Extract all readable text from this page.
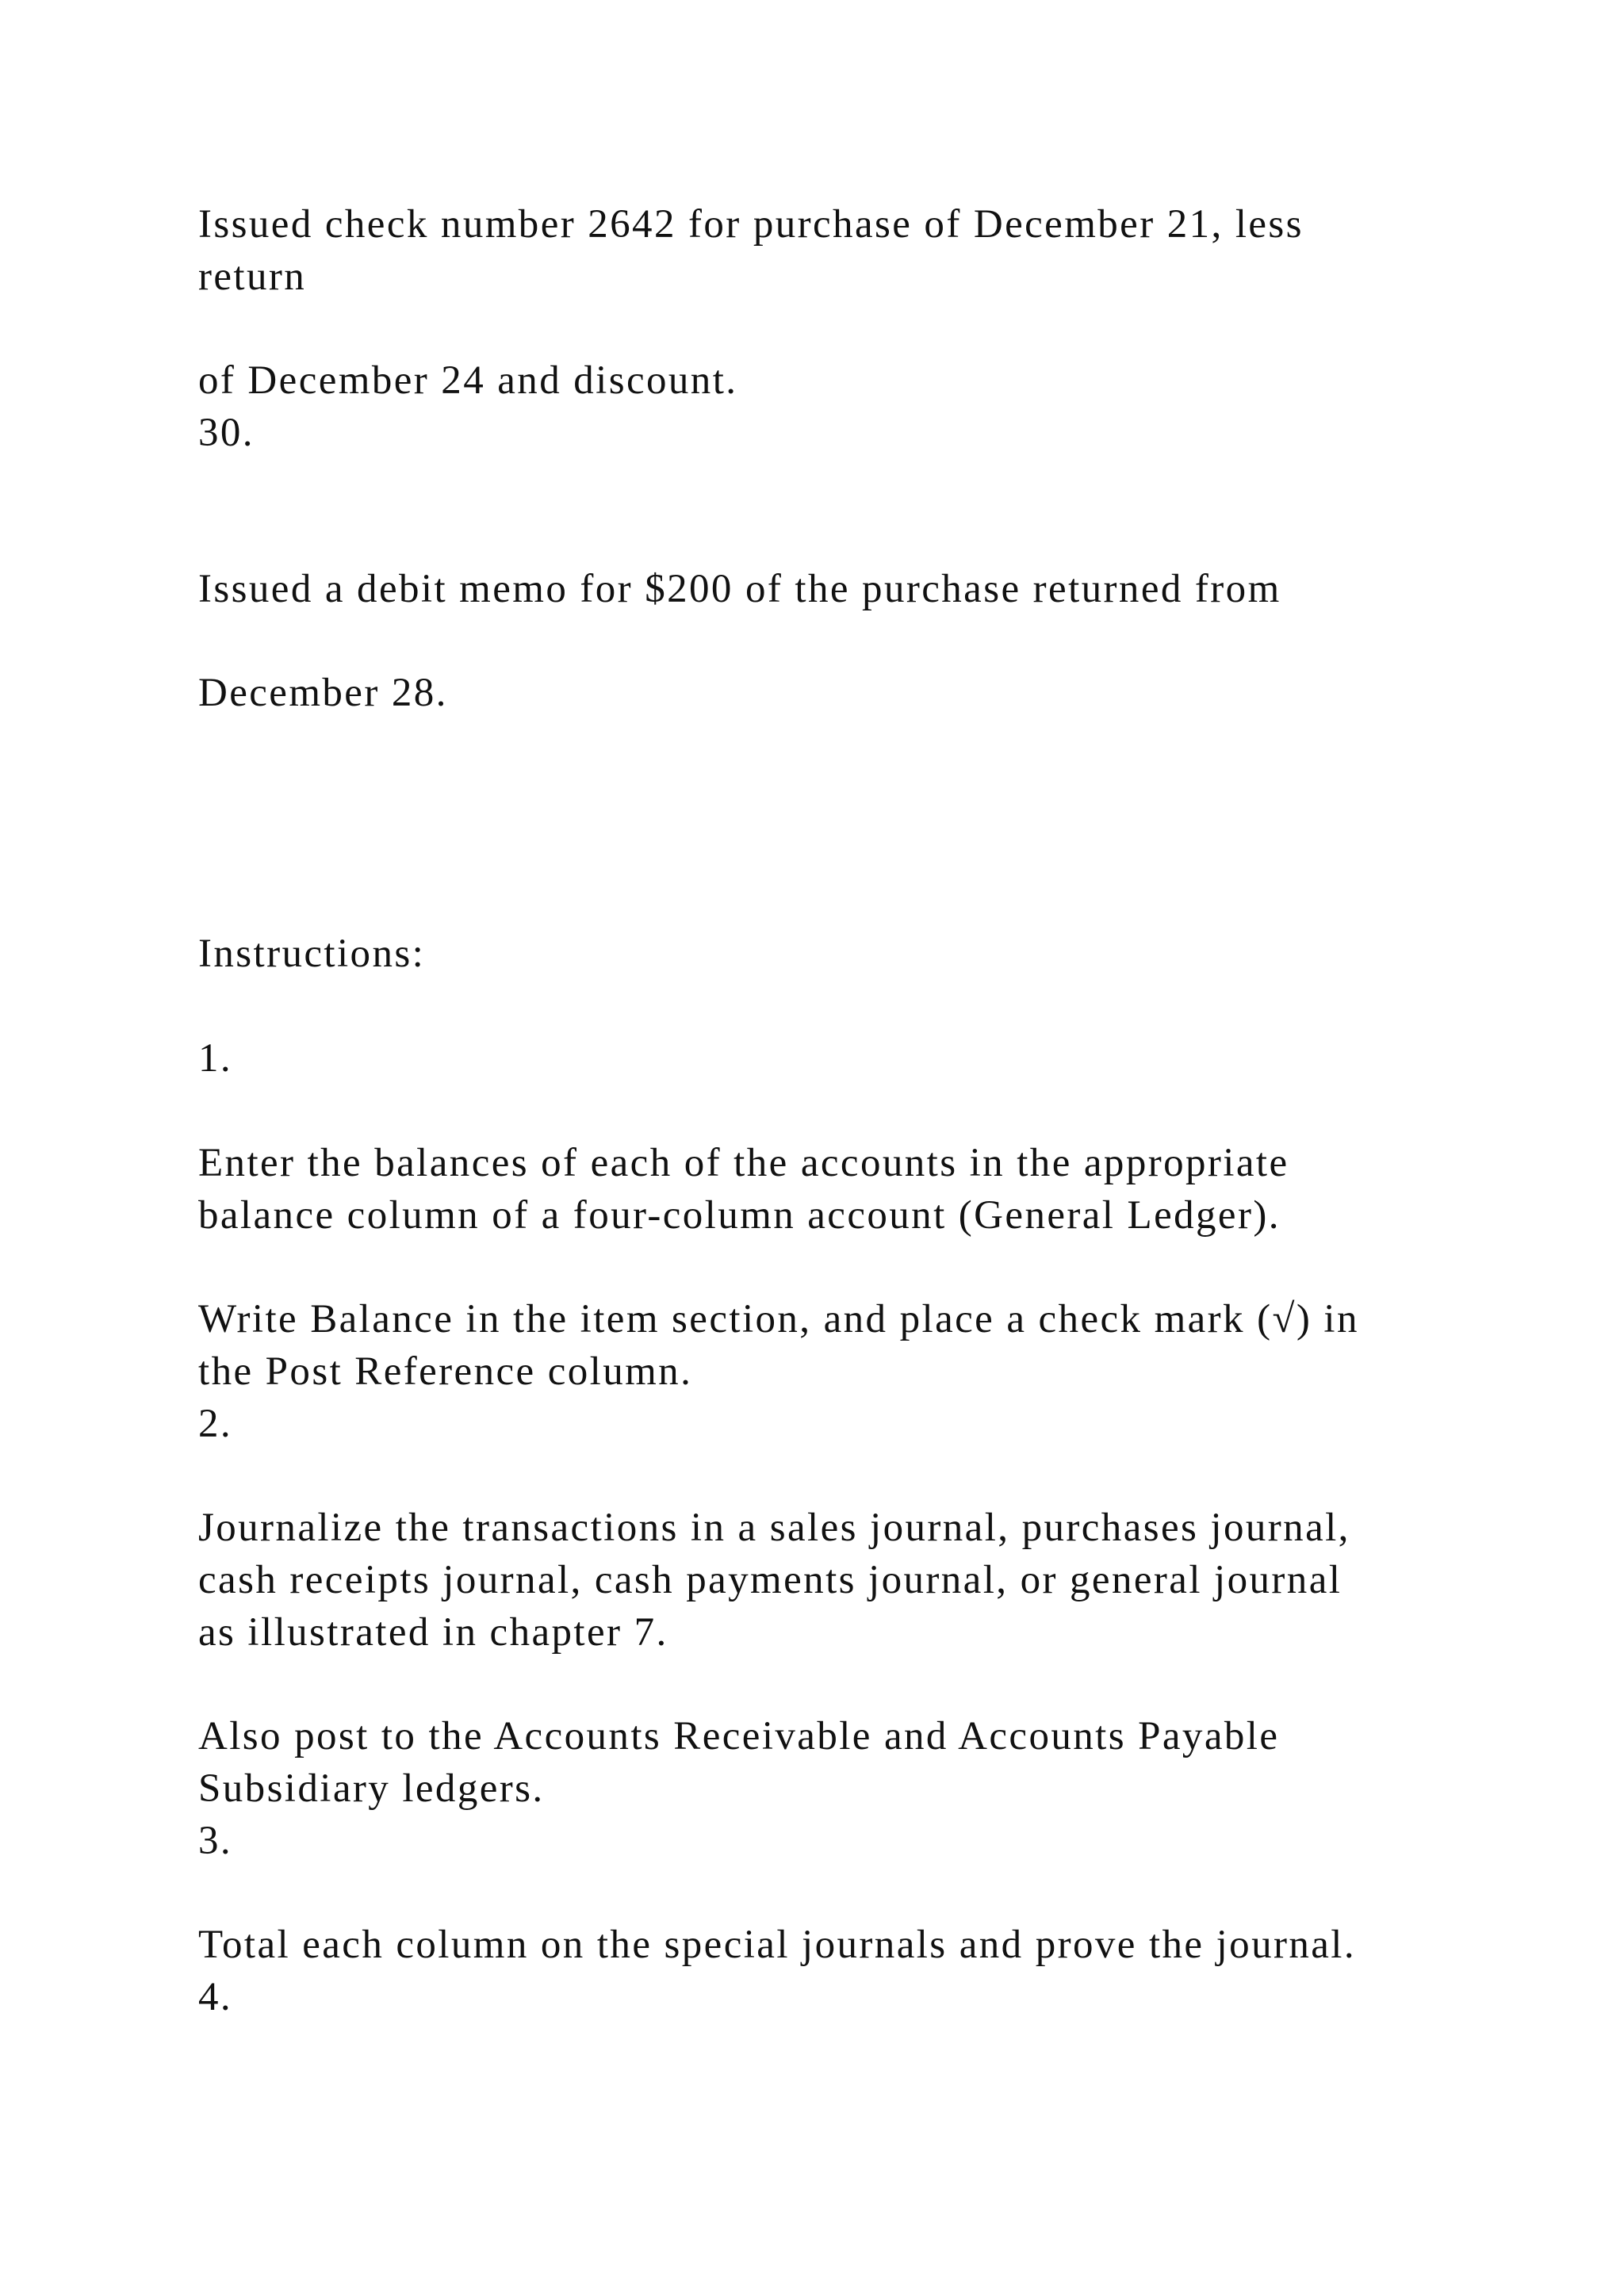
Issued check number 2642 for purchase of December 21, less
return
of December 24 and discount.
30.
Issued a debit memo for $200 of the purchase returned from
December 28.
Instructions:
1.
Enter the balances of each of the accounts in the appropriate
balance column of a four-column account (General Ledger).
Write Balance in the item section, and place a check mark (√) in
the Post Reference column.
2.
Journalize the transactions in a sales journal, purchases journal,
cash receipts journal, cash payments journal, or general journal
as illustrated in chapter 7.
Also post to the Accounts Receivable and Accounts Payable
Subsidiary ledgers.
3.
Total each column on the special journals and prove the journal.
4.
